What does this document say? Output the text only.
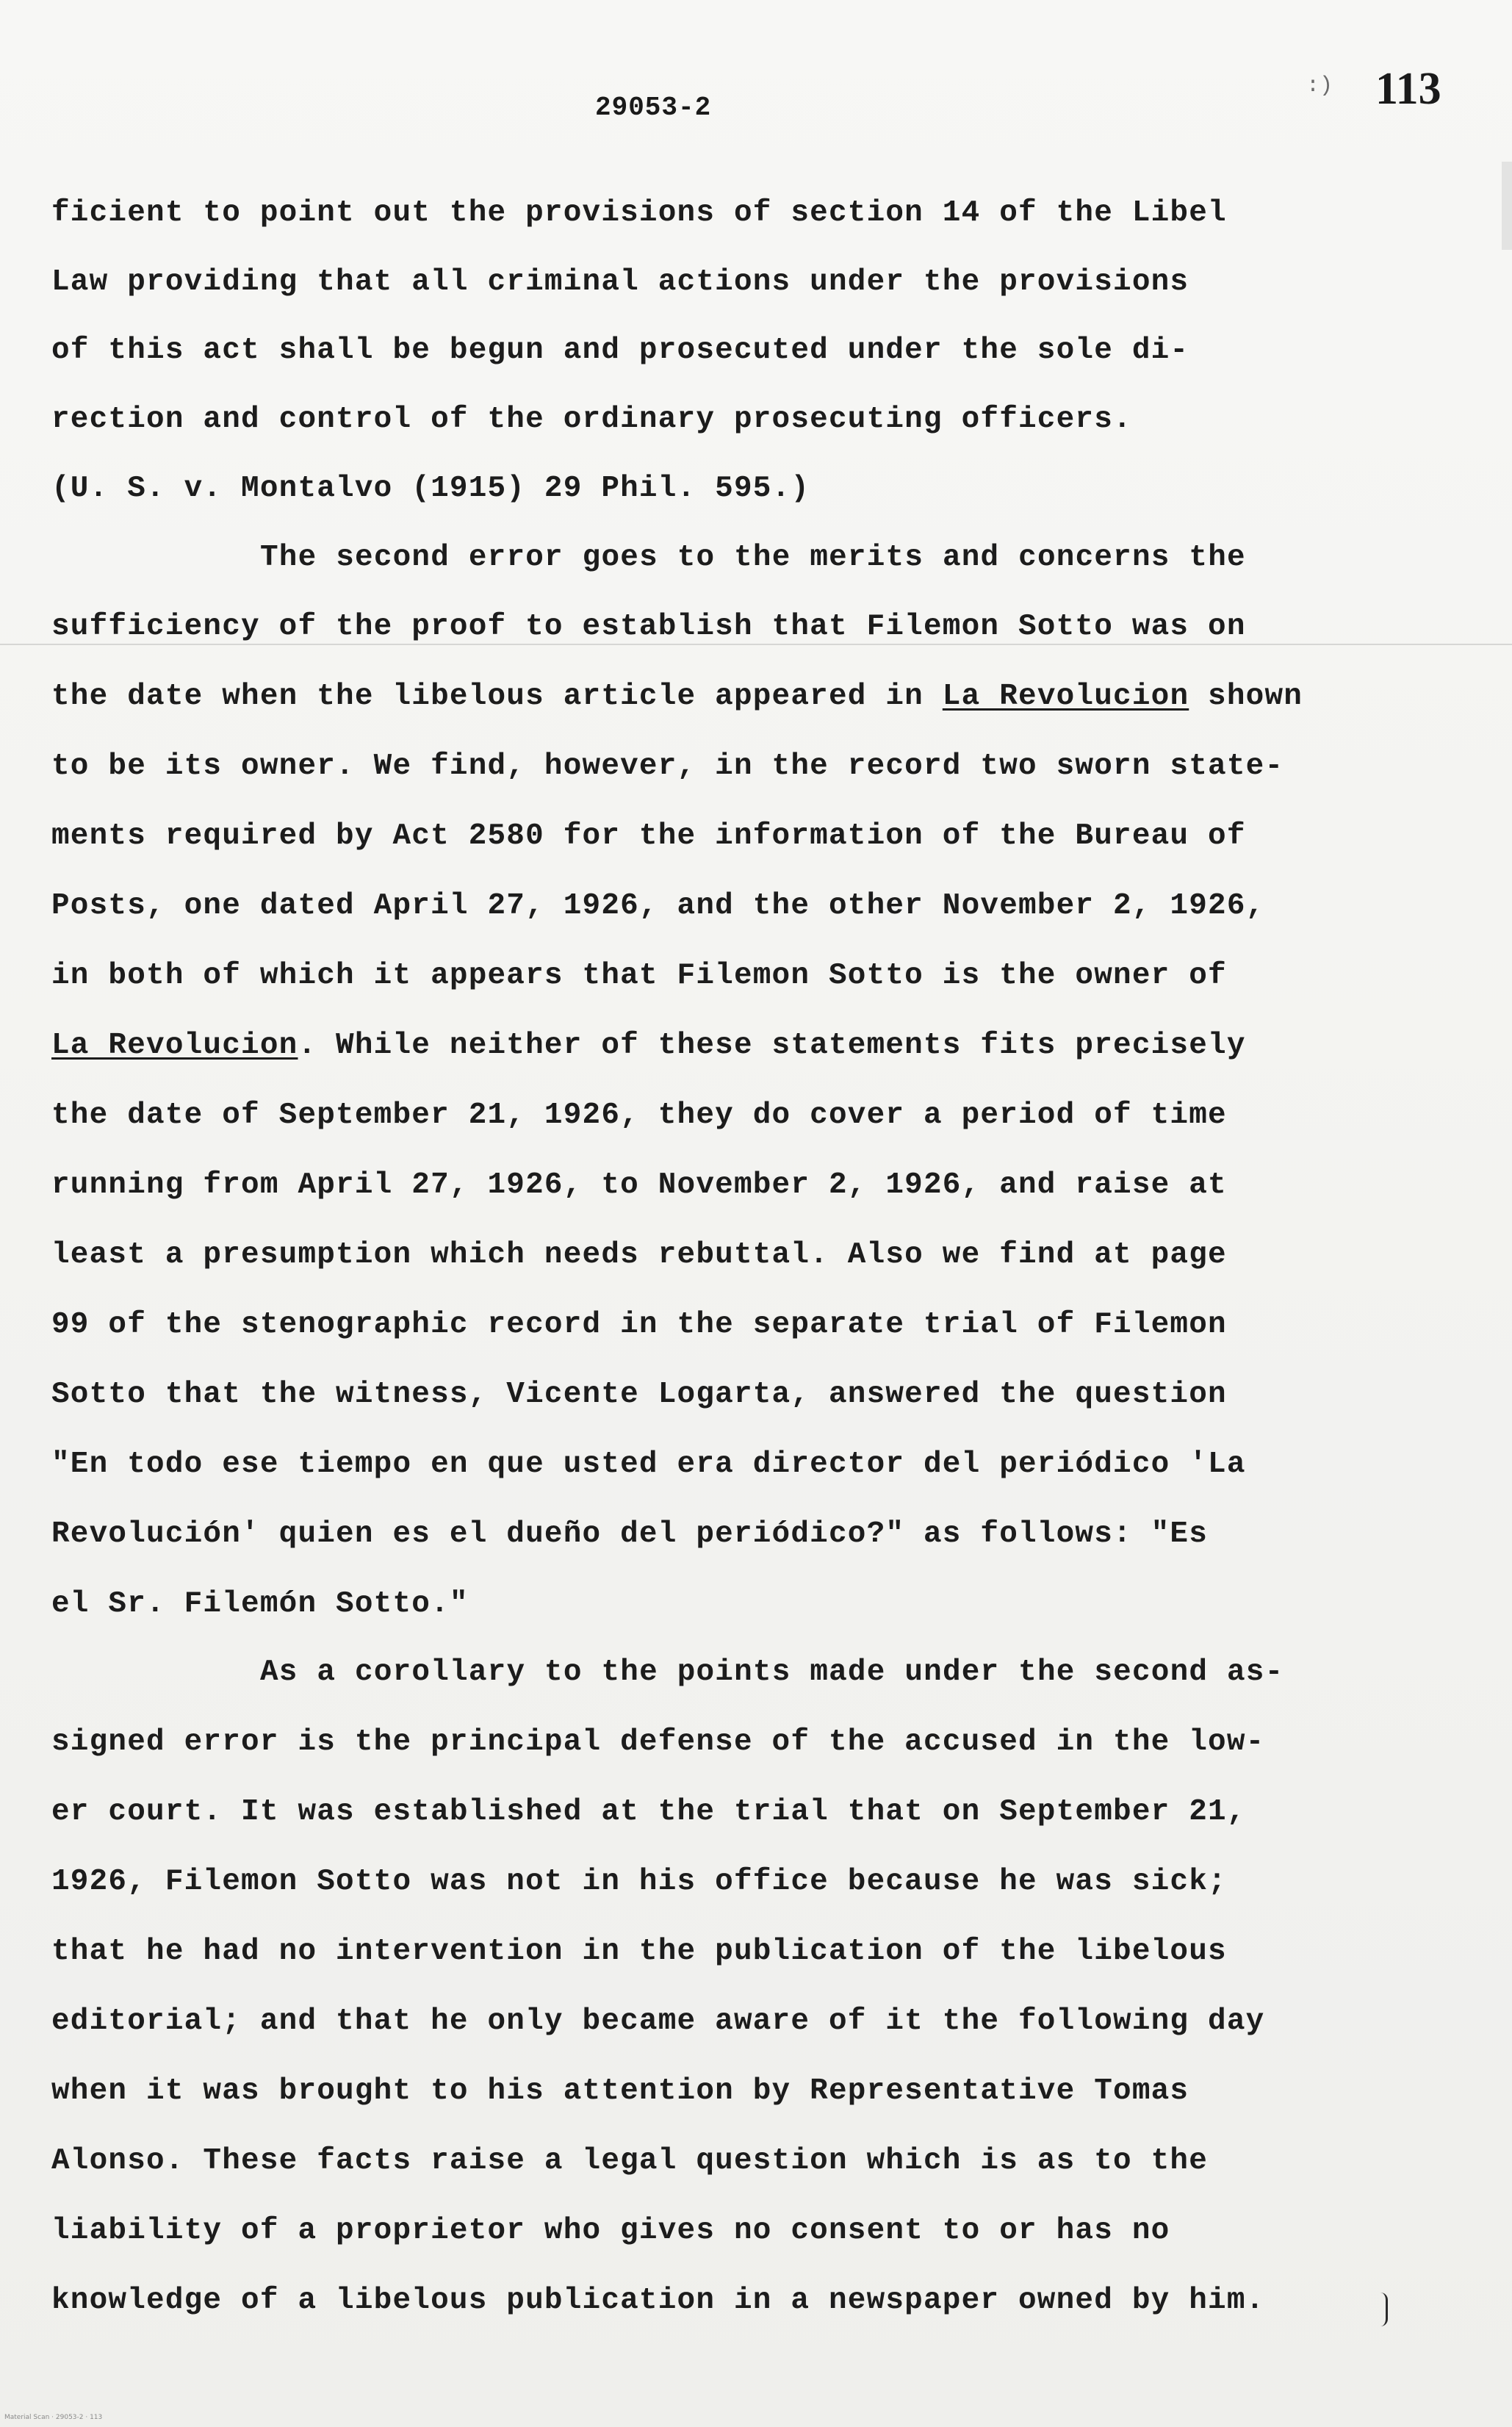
:)
29053-2	113
ficient to point out the provisions of section 14 of the Libel
Law providing that all criminal actions under the provisions
of this act shall be begun and prosecuted under the sole di-
rection and control of the ordinary prosecuting officers.
(U. S. v. Montalvo (1915) 29 Phil. 595.)
The second error goes to the merits and concerns the
sufficiency of the proof to establish that Filemon Sotto was on
the date when the libelous article appeared in La Revolucion shown
to be its owner. We find, however, in the record two sworn state-
ments required by Act 2580 for the information of the Bureau of
Posts, one dated April 27, 1926, and the other November 2, 1926,
in both of which it appears that Filemon Sotto is the owner of
La Revolucion. While neither of these statements fits precisely
the date of September 21, 1926, they do cover a period of time
running from April 27, 1926, to November 2, 1926, and raise at
least a presumption which needs rebuttal. Also we find at page
99 of the stenographic record in the separate trial of Filemon
Sotto that the witness, Vicente Logarta, answered the question
"En todo ese tiempo en que usted era director del periódico 'La
Revolución' quien es el dueño del periódico?" as follows: "Es
el Sr. Filemón Sotto."
As a corollary to the points made under the second as-
signed error is the principal defense of the accused in the low-
er court. It was established at the trial that on September 21,
1926, Filemon Sotto was not in his office because he was sick;
that he had no intervention in the publication of the libelous
editorial; and that he only became aware of it the following day
when it was brought to his attention by Representative Tomas
Alonso. These facts raise a legal question which is as to the
liability of a proprietor who gives no consent to or has no
knowledge of a libelous publication in a newspaper owned by him.
Material Scan · 29053-2 · 113
